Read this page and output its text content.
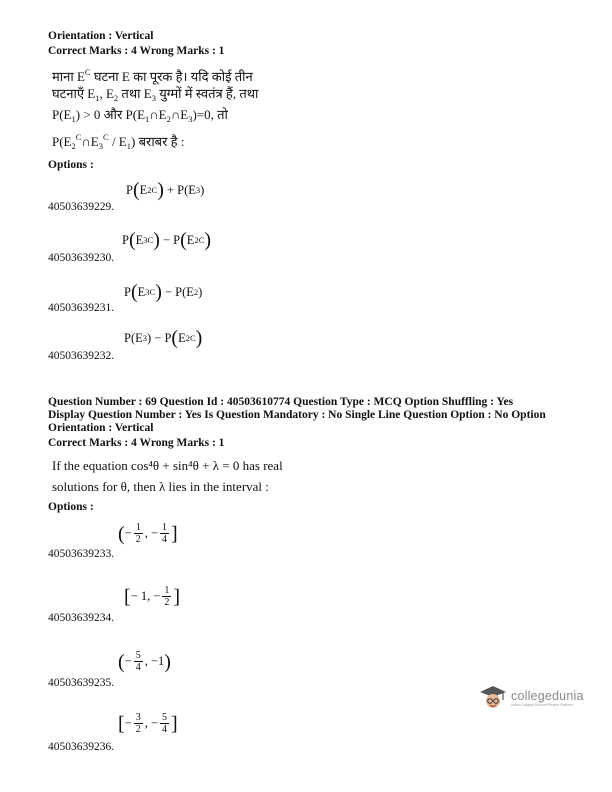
Orientation : Vertical
Correct Marks : 4 Wrong Marks : 1
माना $E^C$ घटना E का पूरक है। यदि कोई तीन
घटनाएँ $E_1$, $E_2$ तथा $E_3$ युग्मों में स्वतंत्र हैं, तथा
$P(E_1) > 0$ और $P(E_1\cap E_2\cap E_3)=0$, तो
$P(E_2^C\cap E_3^C / E_1)$ बराबर है :
Options :
40503639229.
P ( E 2 C ) + P(E 3 )
40503639230.
P ( E 3 C ) − P ( E 2 C )
40503639231.
P ( E 3 C ) − P(E 2 )
40503639232.
P(E 3 ) − P ( E 2 C )
Question Number : 69 Question Id : 40503610774 Question Type : MCQ Option Shuffling : Yes
Display Question Number : Yes Is Question Mandatory : No Single Line Question Option : No Option
Orientation : Vertical
Correct Marks : 4 Wrong Marks : 1
If the equation cos⁴θ + sin⁴θ + λ = 0 has real
solutions for θ, then λ lies in the interval :
Options :
40503639233.
( − $\frac{1}{2}$ , − $\frac{1}{4}$ ]
40503639234.
[ − 1, − $\frac{1}{2}$ ]
40503639235.
( − $\frac{5}{4}$ , −1 )
40503639236.
[ − $\frac{3}{2}$ , − $\frac{5}{4}$ ]
collegedunia
India's Largest Student Review Platform
